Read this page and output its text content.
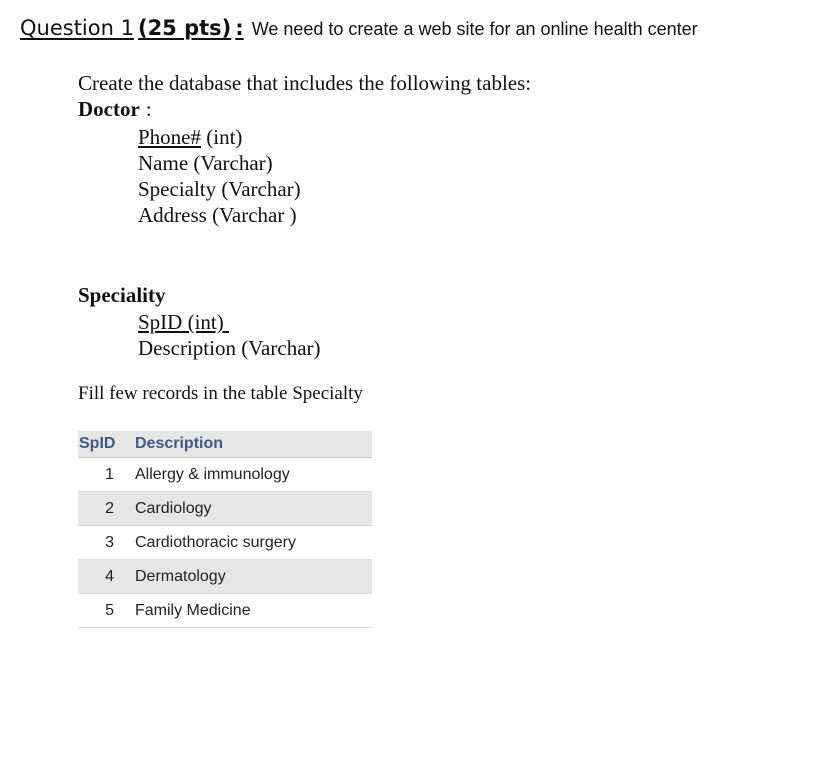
Question 1 (25 pts) : We need to create a web site for an online health center
Create the database that includes the following tables:
Doctor :
Phone# (int)
Name (Varchar)
Specialty (Varchar)
Address (Varchar )
Speciality
SpID (int)
Description (Varchar)
Fill few records in the table Specialty
SpID	Description
1	Allergy & immunology
2	Cardiology
3	Cardiothoracic surgery
4	Dermatology
5	Family Medicine
